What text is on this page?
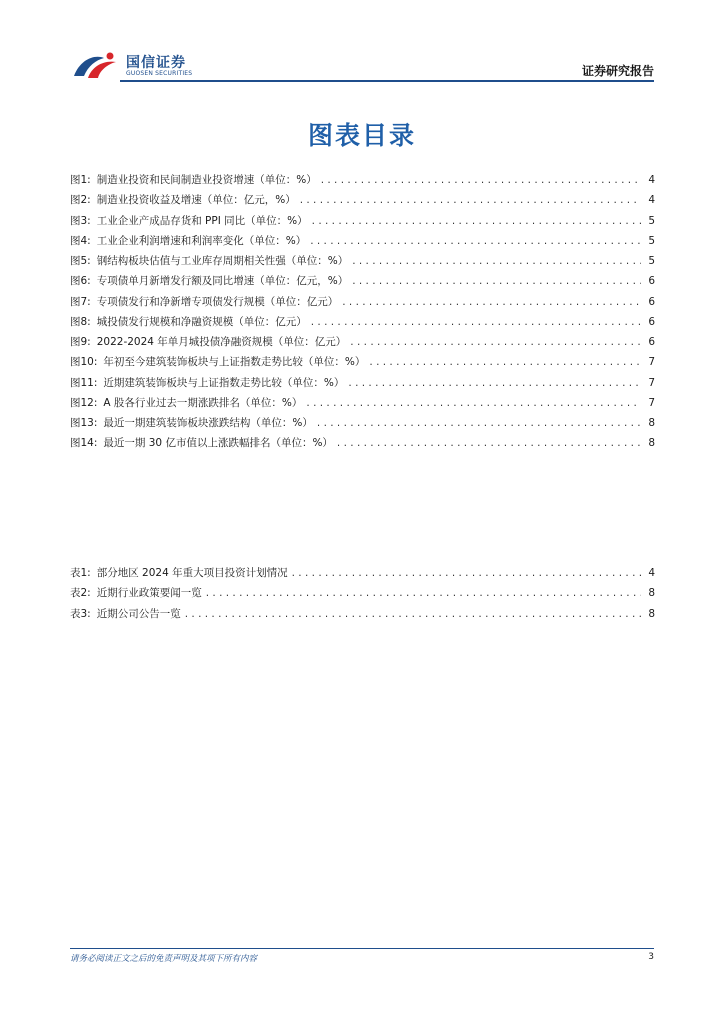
国信证券
GUOSEN SECURITIES	证券研究报告
图表目录
图1: 制造业投资和民间制造业投资增速（单位：%） . . .	4
图2: 制造业投资收益及增速（单位：亿元，%） . . .	4
图3: 工业企业产成品存货和 PPI 同比（单位：%） . . .	5
图4: 工业企业利润增速和利润率变化（单位：%） . . .	5
图5: 钢结构板块估值与工业库存周期相关性强（单位：%） . . .	5
图6: 专项债单月新增发行额及同比增速（单位：亿元，%） . . .	6
图7: 专项债发行和净新增专项债发行规模（单位：亿元） . . .	6
图8: 城投债发行规模和净融资规模（单位：亿元） . . .	6
图9: 2022-2024 年单月城投债净融资规模（单位：亿元） . . .	6
图10: 年初至今建筑装饰板块与上证指数走势比较（单位：%） . . .	7
图11: 近期建筑装饰板块与上证指数走势比较（单位：%） . . .	7
图12: A 股各行业过去一期涨跌排名（单位：%） . . .	7
图13: 最近一期建筑装饰板块涨跌结构（单位：%） . . .	8
图14: 最近一期 30 亿市值以上涨跌幅排名（单位：%） . . .	8
表1: 部分地区 2024 年重大项目投资计划情况 . . .	4
表2: 近期行业政策要闻一览 . . .	8
表3: 近期公司公告一览 . . .	8
请务必阅读正文之后的免责声明及其项下所有内容	3
